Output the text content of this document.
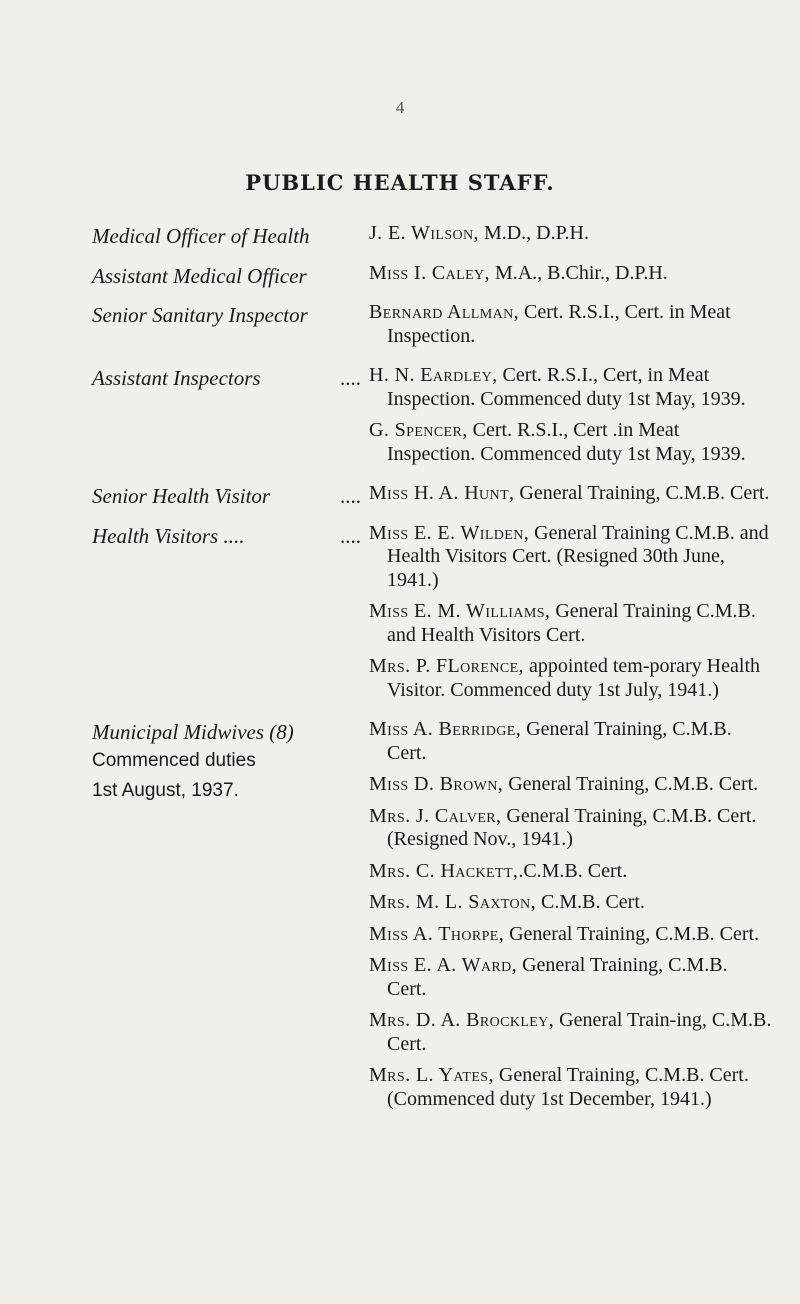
4
PUBLIC HEALTH STAFF.
Medical Officer of Health	J. E. Wilson, M.D., D.P.H.
Assistant Medical Officer	Miss I. Caley, M.A., B.Chir., D.P.H.
Senior Sanitary Inspector	Bernard Allman, Cert. R.S.I., Cert. in Meat Inspection.
Assistant Inspectors	.... H. N. Eardley, Cert. R.S.I., Cert, in Meat Inspection. Commenced duty 1st May, 1939.
G. Spencer, Cert. R.S.I., Cert .in Meat Inspection. Commenced duty 1st May, 1939.
Senior Health Visitor	.... Miss H. A. Hunt, General Training, C.M.B. Cert.
Health Visitors ....	.... Miss E. E. Wilden, General Training C.M.B. and Health Visitors Cert. (Resigned 30th June, 1941.)
Miss E. M. Williams, General Training C.M.B. and Health Visitors Cert.
Mrs. P. FLorence, appointed tem-porary Health Visitor. Commenced duty 1st July, 1941.)
Municipal Midwives (8)
Commenced duties
1st August, 1937.
Miss A. Berridge, General Training, C.M.B. Cert.
Miss D. Brown, General Training, C.M.B. Cert.
Mrs. J. Calver, General Training, C.M.B. Cert. (Resigned Nov., 1941.)
Mrs. C. Hackett,.C.M.B. Cert.
Mrs. M. L. Saxton, C.M.B. Cert.
Miss A. Thorpe, General Training, C.M.B. Cert.
Miss E. A. Ward, General Training, C.M.B. Cert.
Mrs. D. A. Brockley, General Train-ing, C.M.B. Cert.
Mrs. L. Yates, General Training, C.M.B. Cert. (Commenced duty 1st December, 1941.)
